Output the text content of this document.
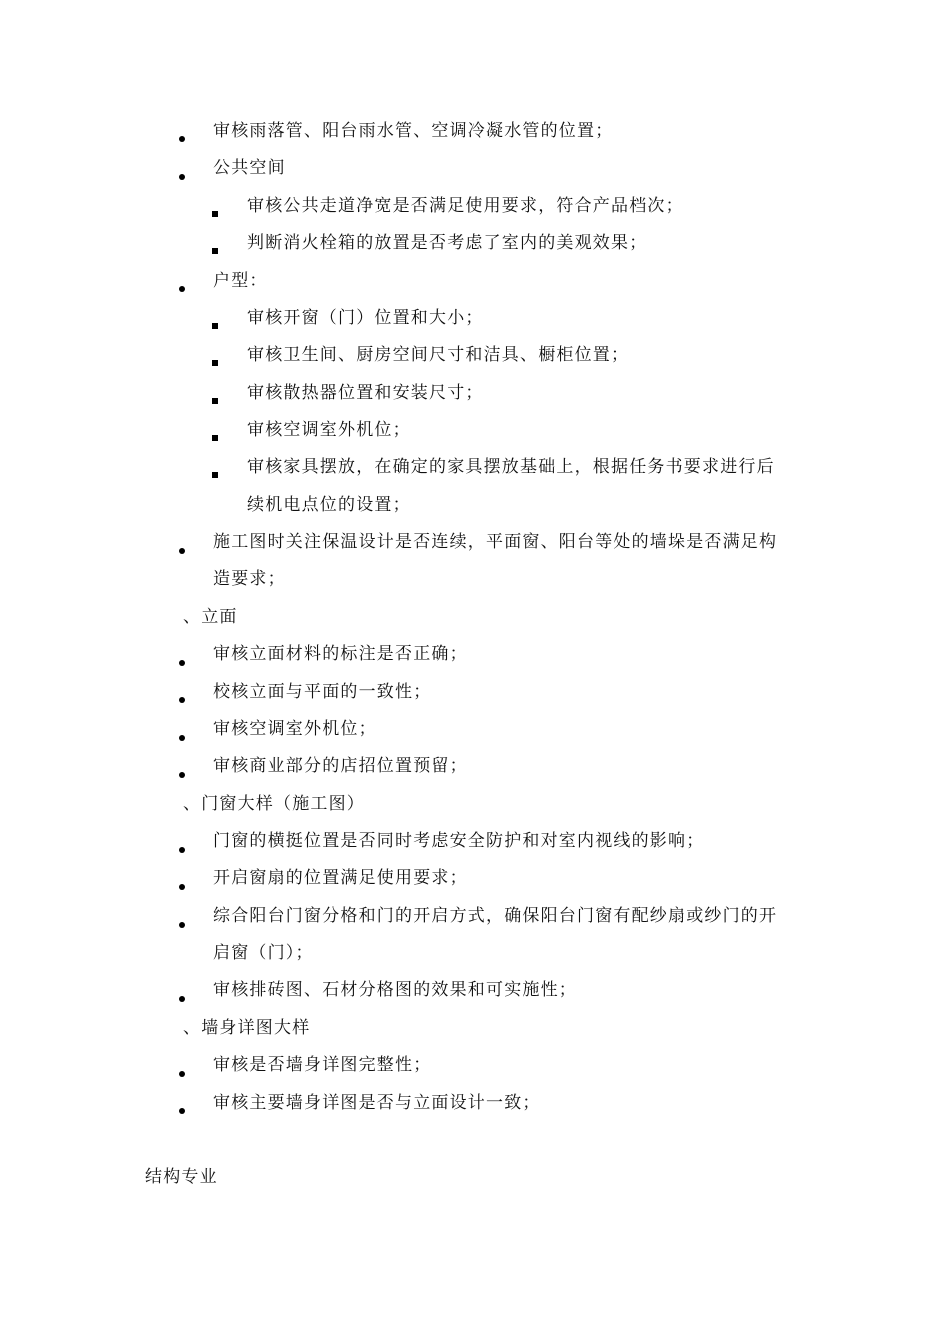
审核雨落管、阳台雨水管、空调冷凝水管的位置；
公共空间
审核公共走道净宽是否满足使用要求，符合产品档次；
判断消火栓箱的放置是否考虑了室内的美观效果；
户型：
审核开窗（门）位置和大小；
审核卫生间、厨房空间尺寸和洁具、橱柜位置；
审核散热器位置和安装尺寸；
审核空调室外机位；
审核家具摆放，在确定的家具摆放基础上，根据任务书要求进行后
续机电点位的设置；
施工图时关注保温设计是否连续，平面窗、阳台等处的墙垛是否满足构
造要求；
、立面
审核立面材料的标注是否正确；
校核立面与平面的一致性；
审核空调室外机位；
审核商业部分的店招位置预留；
、门窗大样（施工图）
门窗的横挺位置是否同时考虑安全防护和对室内视线的影响；
开启窗扇的位置满足使用要求；
综合阳台门窗分格和门的开启方式，确保阳台门窗有配纱扇或纱门的开
启窗（门）；
审核排砖图、石材分格图的效果和可实施性；
、墙身详图大样
审核是否墙身详图完整性；
审核主要墙身详图是否与立面设计一致；
结构专业
